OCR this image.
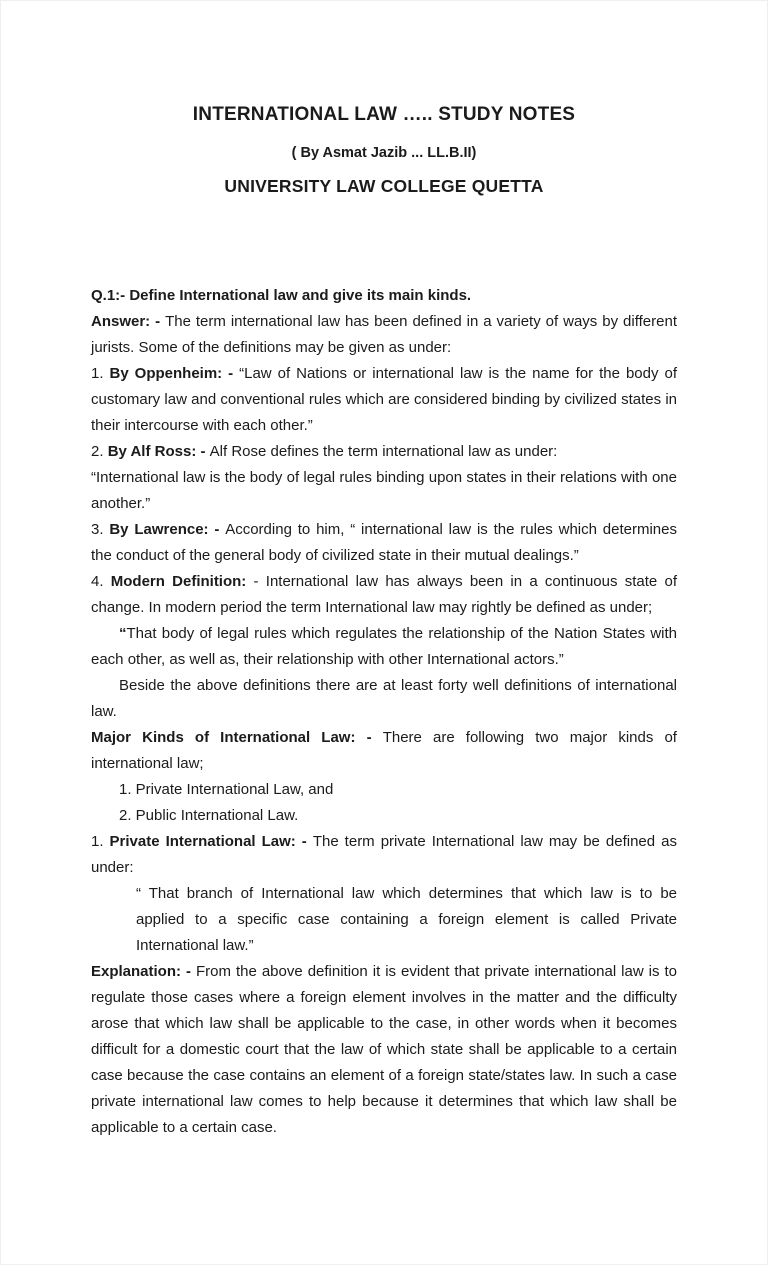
INTERNATIONAL LAW ….. STUDY NOTES

( By Asmat Jazib ... LL.B.II)

UNIVERSITY LAW COLLEGE QUETTA

Q.1:- Define International law and give its main kinds.

Answer: - The term international law has been defined in a variety of ways by different jurists. Some of the definitions may be given as under:

1. By Oppenheim: - “Law of Nations or international law is the name for the body of customary law and conventional rules which are considered binding by civilized states in their intercourse with each other.”

2. By Alf Ross: - Alf Rose defines the term international law as under:

“International law is the body of legal rules binding upon states in their relations with one another.”

3. By Lawrence: - According to him, “ international law is the rules which determines the conduct of the general body of civilized state in their mutual dealings.”

4. Modern Definition: - International law has always been in a continuous state of change. In modern period the term International law may rightly be defined as under;

“That body of legal rules which regulates the relationship of the Nation States with each other, as well as, their relationship with other International actors.”

Beside the above definitions there are at least forty well definitions of international law.

Major Kinds of International Law: - There are following two major kinds of international law;

1. Private International Law, and

2. Public International Law.

1. Private International Law: - The term private International law may be defined as under:

“ That branch of International law which determines that which law is to be applied to a specific case containing a foreign element is called Private International law.”

Explanation: - From the above definition it is evident that private international law is to regulate those cases where a foreign element involves in the matter and the difficulty arose that which law shall be applicable to the case, in other words when it becomes difficult for a domestic court that the law of which state shall be applicable to a certain case because the case contains an element of a foreign state/states law. In such a case private international law comes to help because it determines that which law shall be applicable to a certain case.
